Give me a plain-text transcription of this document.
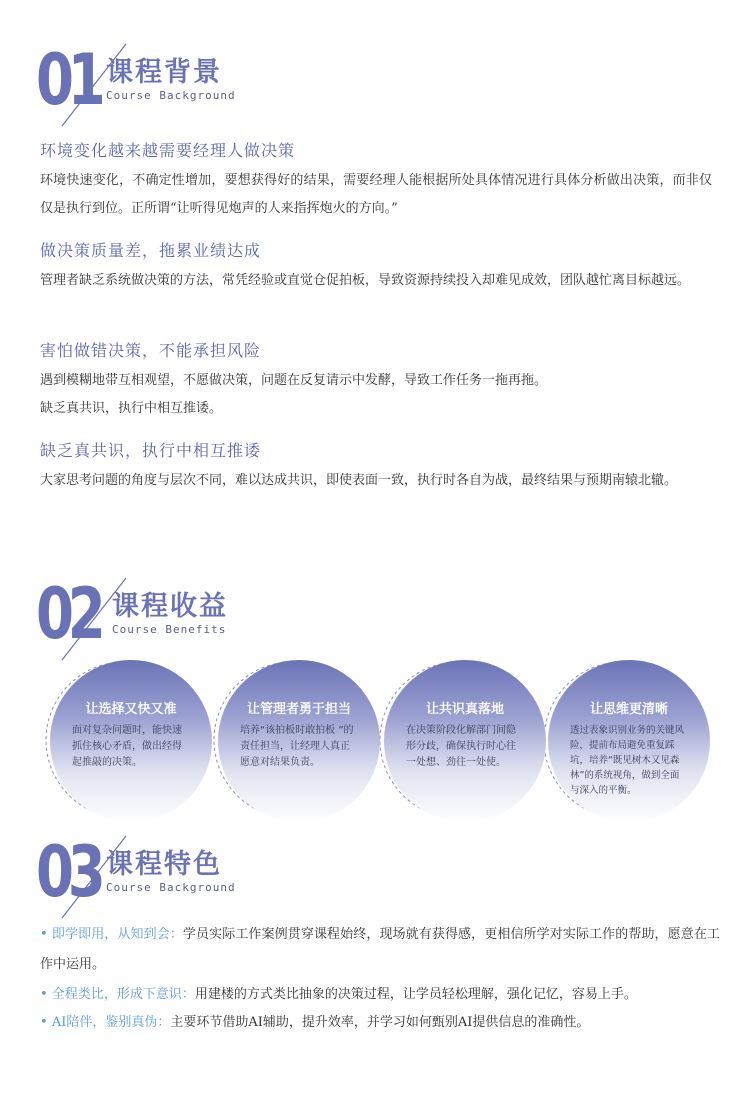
01 课程背景
Course Background
环境变化越来越需要经理人做决策

环境快速变化，不确定性增加，要想获得好的结果，需要经理人能根据所处具体情况进行具体分析做出决策，而非仅仅是执行到位。正所谓“让听得见炮声的人来指挥炮火的方向。”

做决策质量差，拖累业绩达成

管理者缺乏系统做决策的方法，常凭经验或直觉仓促拍板，导致资源持续投入却难见成效，团队越忙离目标越远。

害怕做错决策，不能承担风险

遇到模糊地带互相观望，不愿做决策，问题在反复请示中发酵，导致工作任务一拖再拖。

缺乏真共识，执行中相互推诿。

缺乏真共识，执行中相互推诿

大家思考问题的角度与层次不同，难以达成共识，即使表面一致，执行时各自为战，最终结果与预期南辕北辙。

02 课程收益
Course Benefits
让选择又快又准
面对复杂问题时，能快速抓住核心矛盾，做出经得起推敲的决策。
让管理者勇于担当
培养“该拍板时敢拍板 ”的责任担当，让经理人真正愿意对结果负责。
让共识真落地
在决策阶段化解部门间隐形分歧，确保执行时心往一处想、劲往一处使。
让思维更清晰
透过表象识别业务的关键风险，提前布局避免重复踩坑，培养“既见树木又见森林”的系统视角，做到全面与深入的平衡。
03 课程特色
Course Background
• 即学即用，从知到会：学员实际工作案例贯穿课程始终，现场就有获得感，更相信所学对实际工作的帮助，愿意在工作中运用。
• 全程类比，形成下意识：用建楼的方式类比抽象的决策过程，让学员轻松理解，强化记忆，容易上手。
• AI陪伴，鉴别真伪：主要环节借助AI辅助，提升效率，并学习如何甄别AI提供信息的准确性。
